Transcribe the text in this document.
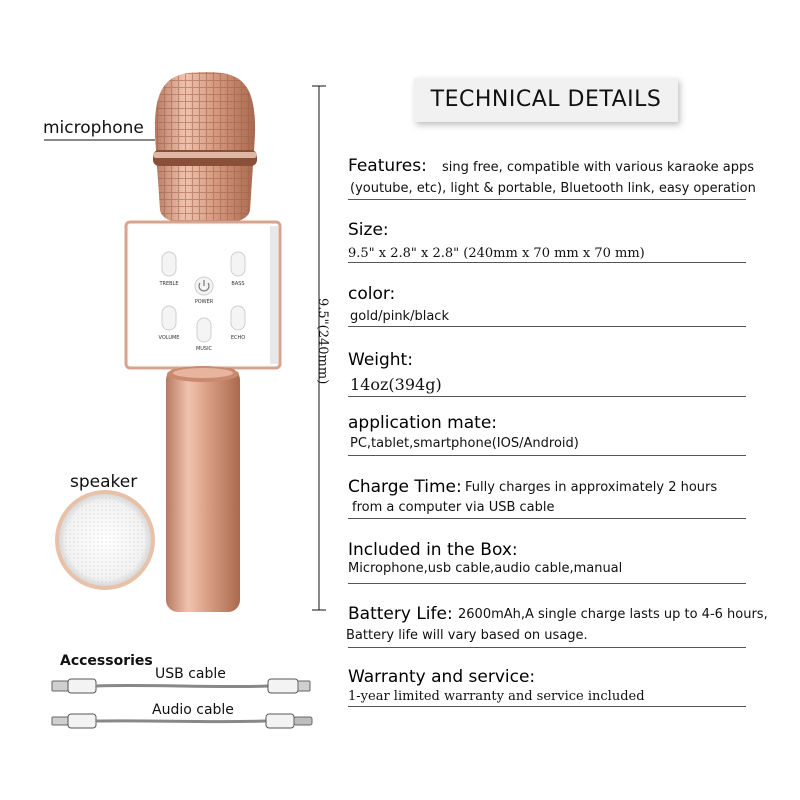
TREBLE	BASS
POWER
VOLUME	ECHO
MUSIC
microphone
speaker
Accessories
USB cable
Audio cable
9.5"(240mm)
TECHNICAL DETAILS
Features: sing free, compatible with various karaoke apps
(youtube, etc), light & portable, Bluetooth link, easy operation
Size:
9.5" x 2.8" x 2.8" (240mm x 70 mm x 70 mm)
color:
gold/pink/black
Weight:
14oz(394g)
application mate:
PC,tablet,smartphone(IOS/Android)
Charge Time: Fully charges in approximately 2 hours
from a computer via USB cable
Included in the Box:
Microphone,usb cable,audio cable,manual
Battery Life: 2600mAh,A single charge lasts up to 4-6 hours,
Battery life will vary based on usage.
Warranty and service:
1-year limited warranty and service included
